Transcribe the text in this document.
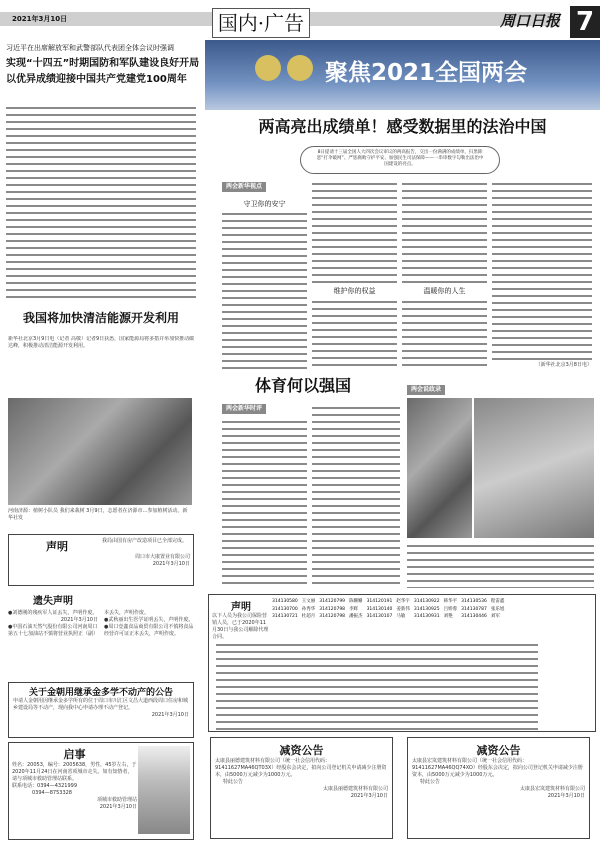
2021年3月10日	国内·广告	周口日报 7
习近平在出席解放军和武警部队代表团全体会议时强调
实现“十四五”时期国防和军队建设良好开局
以优异成绩迎接中国共产党建党100周年
我国将加快清洁能源开发利用
新华社北京3月9日电（记者 高敬）记者9日获悉，国家能源局将多措并举加快推动碳达峰，积极推动清洁能源开发利用。
河南济源：植树小队员 我们来栽树 3月9日，志愿者在济源市…参加植树活动。新华社发
声明	我局由国有房产改造项目已全部完成。
周口市大康置业有限公司
2021年3月10日
遗失声明
●刘德刚的残疾军人证丢失，声明作废。
2021年3月10日
●中国石油天然气股份有限公司河南周口第五十七加油站不慎将营业执照正（副）本丢失，声明作废。
●武秋丽出生医学证明丢失，声明作废。
●周口壹鑫食品商贸有限公司不慎将食品经营许可证正本丢失，声明作废。
关于金朝用继承金多学不动产的公告
申请人金朝用因继承金多学所有的位于周口市川汇区文昌大道西段周口住房和城乡建设局等不动产，现向我中心申请办理不动产登记。
2021年3月10日
启事
姓名：20053，编号：2005638，男性，45岁左右，于2020年11月24日在河南省项城市走失。如有知情者，请与项城市救助管理站联系。
联系电话：0394—4321999
0394—8753328
项城市救助管理站
2021年3月10日
聚焦2021全国两会
两高亮出成绩单！感受数据里的法治中国
8日提请十三届全国人大四次会议审议的两高报告，交出一份满满的成绩单，扫黑除恶“打伞破网”、严惩腐败守护平安、加强民生司法保障——一串串数字勾勒出法治中国建设的亮点。
两会新华视点
守卫你的安宁
维护你的权益	温暖你的人生
（新华社北京3月8日电）
体育何以强国
两会新华时评
两会说政录
声明
以下人员为我公司保险营销人员，已于2020年11月30日与我公司解除代理合同。
314130580	王文丽	314120799	陈姗姗	314120191	赵华宇	314130922	韩华平	314130536	程雷鑫
314130700	孙秀华	314120798	李辉	314130140	姜新伟	314130925	吕娇蓉	314130787	张乐旭
314130721	杜超月	314120798	潘振杰	314130107	马敏	314130931	刘艳	314130446	刘军
减资公告
太康县丽德建筑材料有限公司（统一社会信用代码：91411627MA46QT03X）经股东会决定，拟向公司登记机关申请减少注册资本，由5000万元减少为1000万元。
特此公告
太康县丽德建筑材料有限公司
2021年3月10日
减资公告
太康县宏岚建筑材料有限公司（统一社会信用代码：91411627MA46QQ74XO）经股东会决定，拟向公司登记机关申请减少注册资本，由5000万元减少为1000万元。
特此公告
太康县宏岚建筑材料有限公司
2021年3月10日
